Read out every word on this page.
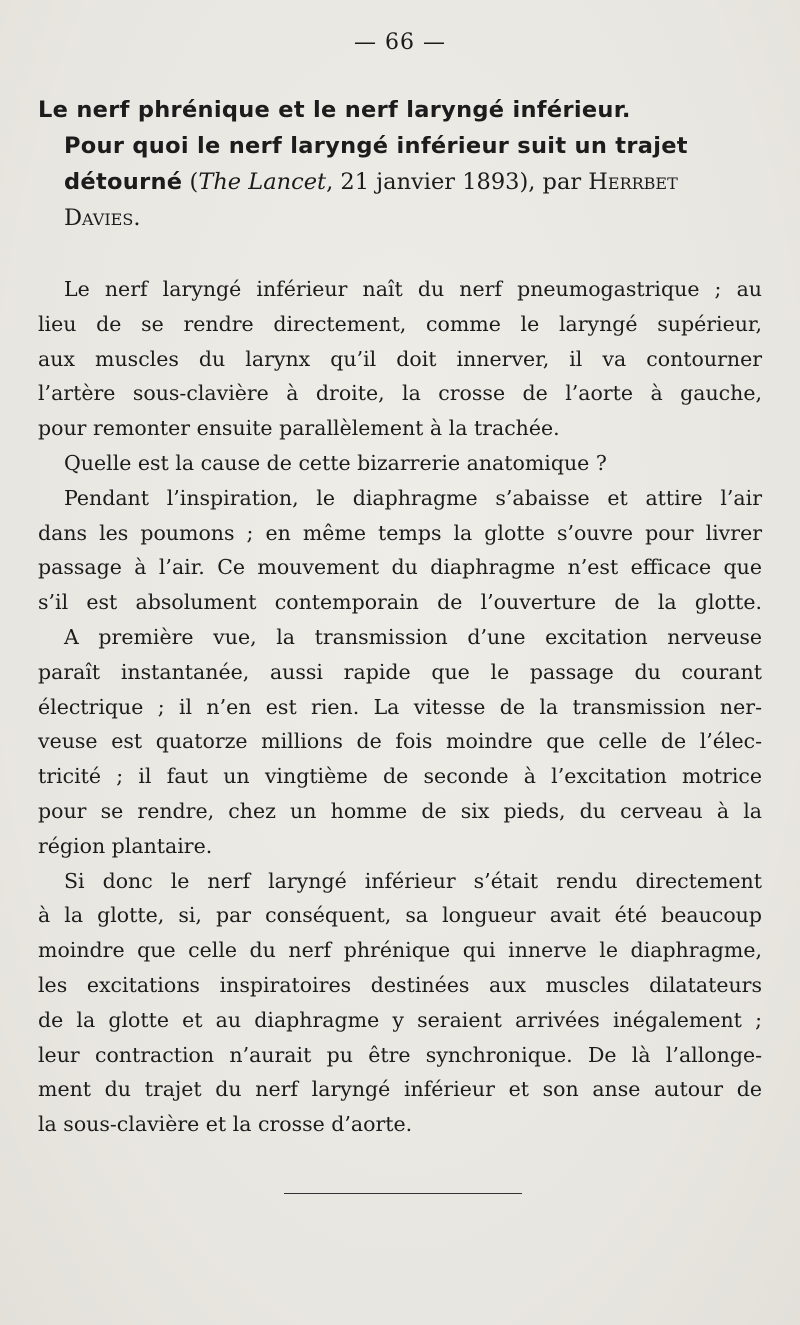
— 66 —
Le nerf phrénique et le nerf laryngé inférieur.
Pour quoi le nerf laryngé inférieur suit un trajet
détourné (The Lancet, 21 janvier 1893), par Herrbet
Davies.
Le nerf laryngé inférieur naît du nerf pneumogastrique ; au
lieu de se rendre directement, comme le laryngé supérieur,
aux muscles du larynx qu’il doit innerver, il va contourner
l’artère sous-clavière à droite, la crosse de l’aorte à gauche,
pour remonter ensuite parallèlement à la trachée.
Quelle est la cause de cette bizarrerie anatomique ?
Pendant l’inspiration, le diaphragme s’abaisse et attire l’air
dans les poumons ; en même temps la glotte s’ouvre pour livrer
passage à l’air. Ce mouvement du diaphragme n’est efficace que
s’il est absolument contemporain de l’ouverture de la glotte.
A première vue, la transmission d’une excitation nerveuse
paraît instantanée, aussi rapide que le passage du courant
électrique ; il n’en est rien. La vitesse de la transmission ner-
veuse est quatorze millions de fois moindre que celle de l’élec-
tricité ; il faut un vingtième de seconde à l’excitation motrice
pour se rendre, chez un homme de six pieds, du cerveau à la
région plantaire.
Si donc le nerf laryngé inférieur s’était rendu directement
à la glotte, si, par conséquent, sa longueur avait été beaucoup
moindre que celle du nerf phrénique qui innerve le diaphragme,
les excitations inspiratoires destinées aux muscles dilatateurs
de la glotte et au diaphragme y seraient arrivées inégalement ;
leur contraction n’aurait pu être synchronique. De là l’allonge-
ment du trajet du nerf laryngé inférieur et son anse autour de
la sous-clavière et la crosse d’aorte.
